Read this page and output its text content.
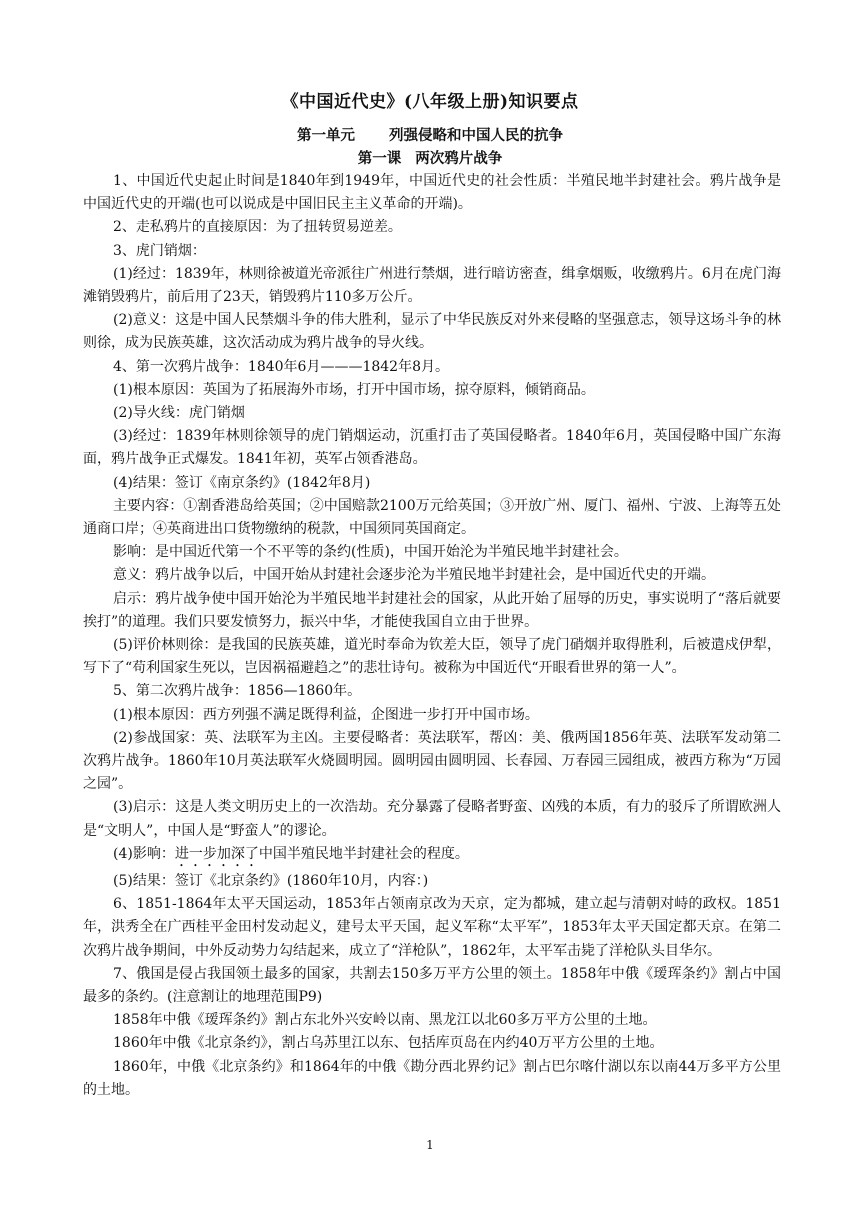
《中国近代史》(八年级上册)知识要点
第一单元 列强侵略和中国人民的抗争
第一课 两次鸦片战争

1、中国近代史起止时间是1840年到1949年，中国近代史的社会性质：半殖民地半封建社会。鸦片战争是中国近代史的开端(也可以说成是中国旧民主主义革命的开端)。

2、走私鸦片的直接原因：为了扭转贸易逆差。

3、虎门销烟：

(1)经过：1839年，林则徐被道光帝派往广州进行禁烟，进行暗访密查，缉拿烟贩，收缴鸦片。6月在虎门海滩销毁鸦片，前后用了23天，销毁鸦片110多万公斤。

(2)意义：这是中国人民禁烟斗争的伟大胜利，显示了中华民族反对外来侵略的坚强意志，领导这场斗争的林则徐，成为民族英雄，这次活动成为鸦片战争的导火线。

4、第一次鸦片战争：1840年6月———1842年8月。

(1)根本原因：英国为了拓展海外市场，打开中国市场，掠夺原料，倾销商品。

(2)导火线：虎门销烟

(3)经过：1839年林则徐领导的虎门销烟运动，沉重打击了英国侵略者。1840年6月，英国侵略中国广东海面，鸦片战争正式爆发。1841年初，英军占领香港岛。

(4)结果：签订《南京条约》(1842年8月)

主要内容：①割香港岛给英国；②中国赔款2100万元给英国；③开放广州、厦门、福州、宁波、上海等五处通商口岸；④英商进出口货物缴纳的税款，中国须同英国商定。

影响：是中国近代第一个不平等的条约(性质)，中国开始沦为半殖民地半封建社会。

意义：鸦片战争以后，中国开始从封建社会逐步沦为半殖民地半封建社会，是中国近代史的开端。

启示：鸦片战争使中国开始沦为半殖民地半封建社会的国家，从此开始了屈辱的历史，事实说明了“落后就要挨打”的道理。我们只要发愤努力，振兴中华，才能使我国自立由于世界。

(5)评价林则徐：是我国的民族英雄，道光时奉命为钦差大臣，领导了虎门硝烟并取得胜利，后被遣戍伊犁，写下了“苟利国家生死以，岂因祸福避趋之”的悲壮诗句。被称为中国近代“开眼看世界的第一人”。

5、第二次鸦片战争：1856—1860年。

(1)根本原因：西方列强不满足既得利益，企图进一步打开中国市场。

(2)参战国家：英、法联军为主凶。主要侵略者：英法联军，帮凶：美、俄两国1856年英、法联军发动第二次鸦片战争。1860年10月英法联军火烧圆明园。圆明园由圆明园、长春园、万春园三园组成，被西方称为“万园之园”。

(3)启示：这是人类文明历史上的一次浩劫。充分暴露了侵略者野蛮、凶残的本质，有力的驳斥了所谓欧洲人是“文明人”，中国人是“野蛮人”的谬论。

(4)影响：进一步加深了中国半殖民地半封建社会的程度。

(5)结果：签订《北京条约》(1860年10月，内容：)

6、1851-1864年太平天国运动，1853年占领南京改为天京，定为都城，建立起与清朝对峙的政权。1851年，洪秀全在广西桂平金田村发动起义，建号太平天国，起义军称“太平军”，1853年太平天国定都天京。在第二次鸦片战争期间，中外反动势力勾结起来，成立了“洋枪队”，1862年，太平军击毙了洋枪队头目华尔。

7、俄国是侵占我国领土最多的国家，共割去150多万平方公里的领土。1858年中俄《瑷珲条约》割占中国最多的条约。(注意割让的地理范围P9)

1858年中俄《瑷珲条约》割占东北外兴安岭以南、黑龙江以北60多万平方公里的土地。

1860年中俄《北京条约》，割占乌苏里江以东、包括库页岛在内约40万平方公里的土地。

1860年，中俄《北京条约》和1864年的中俄《勘分西北界约记》割占巴尔喀什湖以东以南44万多平方公里的土地。

1
